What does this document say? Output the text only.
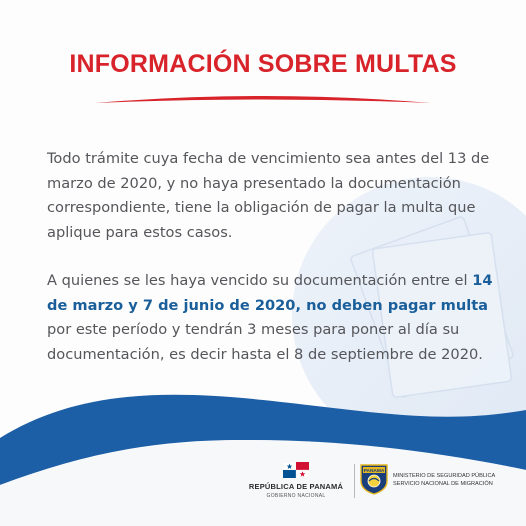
INFORMACIÓN SOBRE MULTAS

Todo trámite cuya fecha de vencimiento sea antes del 13 de marzo de 2020, y no haya presentado la documentación correspondiente, tiene la obligación de pagar la multa que aplique para estos casos.

A quienes se les haya vencido su documentación entre el 14 de marzo y 7 de junio de 2020, no deben pagar multa por este período y tendrán 3 meses para poner al día su documentación, es decir hasta el 8 de septiembre de 2020.

REPÚBLICA DE PANAMÁ
GOBIERNO NACIONAL
PANAMA
MINISTERIO DE SEGURIDAD PÚBLICA
SERVICIO NACIONAL DE MIGRACIÓN
